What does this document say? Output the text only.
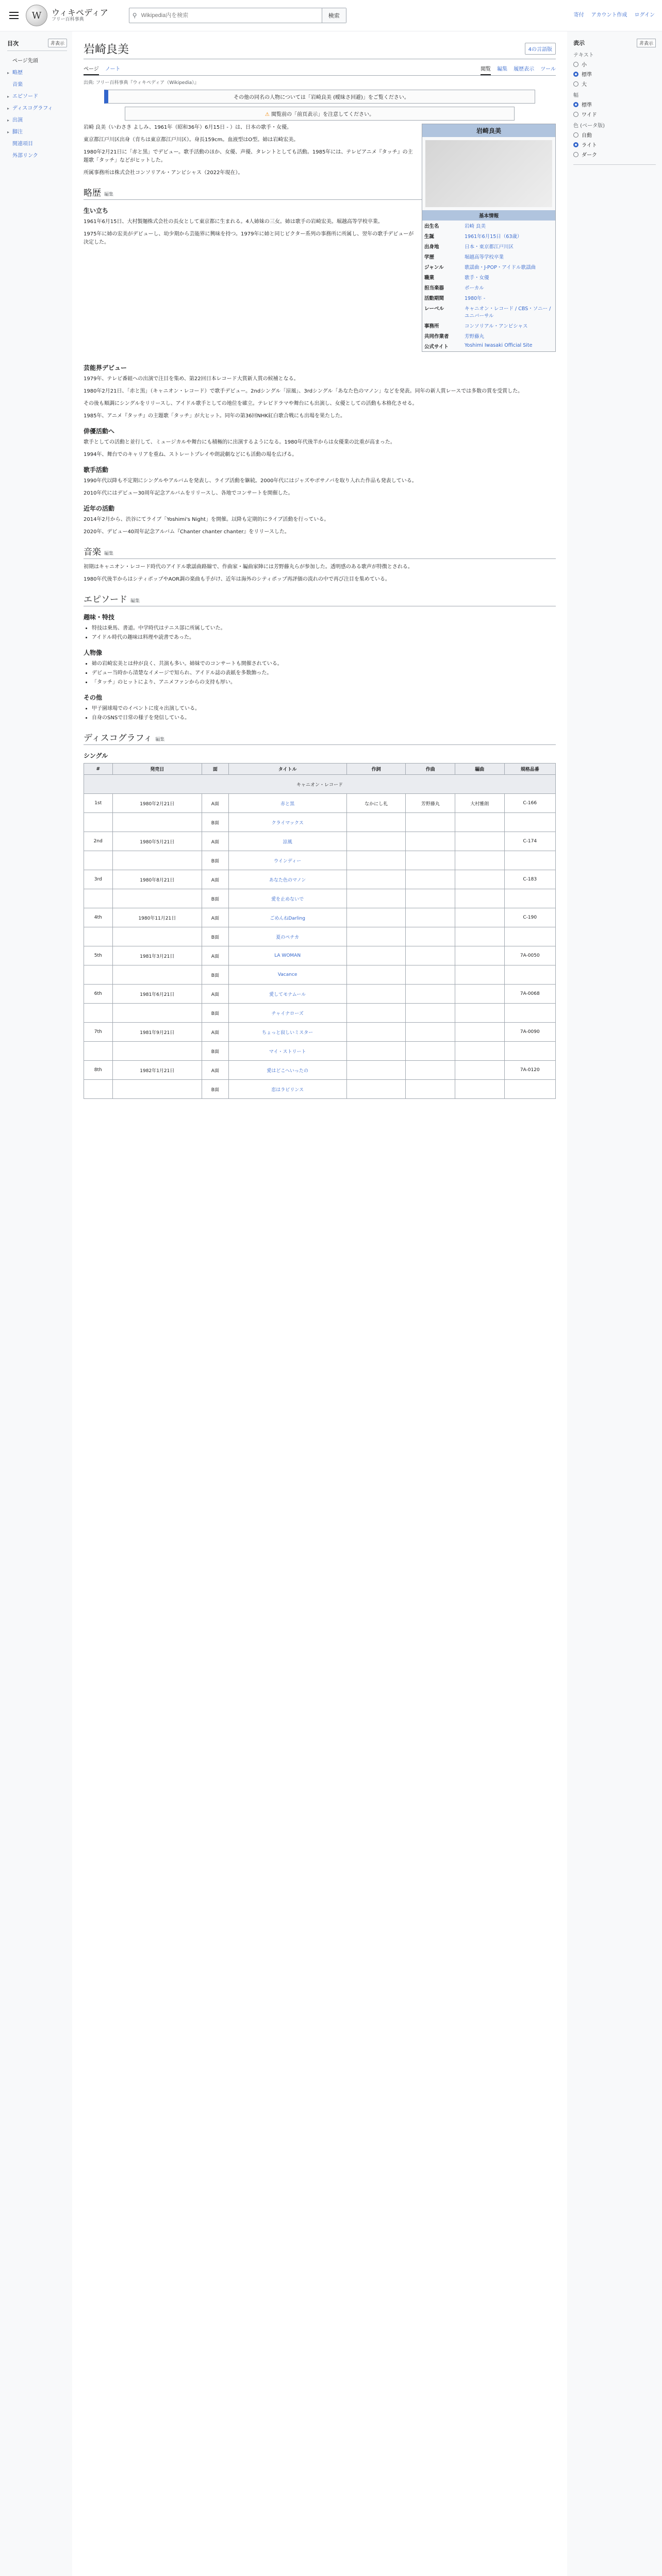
W	ウィキペディア
フリー百科事典
⚲
Wikipedia内を検索	検索	寄付 アカウント作成 ログイン
目次	非表示
ページ先頭
▸ 略歴
音楽
▸ エピソード
▸ ディスコグラフィ
▸ 出演
▸ 脚注
関連項目
外部リンク
岩崎良美	4の言語版
ページ ノート	閲覧 編集 履歴表示 ツール
出典: フリー百科事典『ウィキペディア（Wikipedia）』
その他の同名の人物については「岩崎良美 (曖昧さ回避)」をご覧ください。
⚠ 閲覧前の「前頁表示」を注意してください。
岩崎良美
基本情報
出生名		岩崎 良美

生誕		1961年6月15日（63歳）

出身地		日本・東京都江戸川区

学歴		堀越高等学校卒業

ジャンル		歌謡曲・J-POP・アイドル歌謡曲

職業		歌手・女優

担当楽器		ボーカル

活動期間		1980年 -

レーベル		キャニオン・レコード / CBS・ソニー / ユニバーサル

事務所		コンソリアル・アンビシャス

共同作業者		芳野藤丸

公式サイト		Yoshimi Iwasaki Official Site

岩崎 良美（いわさき よしみ、1961年（昭和36年）6月15日 - ）は、日本の歌手・女優。

東京都江戸川区出身（育ちは東京都江戸川区）。身長159cm。血液型はO型。姉は岩崎宏美。

1980年2月21日に「赤と黒」でデビュー。歌手活動のほか、女優、声優、タレントとしても活動。1985年には、テレビアニメ『タッチ』の主題歌「タッチ」などがヒットした。

所属事務所は株式会社コンソリアル・アンビシャス（2022年現在）。

略歴 編集
生い立ち

1961年6月15日、大村製麺株式会社の長女として東京都に生まれる。4人姉妹の三女。姉は歌手の岩崎宏美。堀越高等学校卒業。

1975年に姉の宏美がデビューし、幼少期から芸能界に興味を持つ。1979年に姉と同じビクター系列の事務所に所属し、翌年の歌手デビューが決定した。

芸能界デビュー

1979年、テレビ番組への出演で注目を集め、第22回日本レコード大賞新人賞の候補となる。

1980年2月21日、「赤と黒」（キャニオン・レコード）で歌手デビュー。2ndシングル「涼風」、3rdシングル「あなた色のマノン」などを発表。同年の新人賞レースでは多数の賞を受賞した。

その後も順調にシングルをリリースし、アイドル歌手としての地位を確立。テレビドラマや舞台にも出演し、女優としての活動も本格化させる。

1985年、アニメ『タッチ』の主題歌「タッチ」が大ヒット。同年の第36回NHK紅白歌合戦にも出場を果たした。

俳優活動へ

歌手としての活動と並行して、ミュージカルや舞台にも積極的に出演するようになる。1980年代後半からは女優業の比重が高まった。

1994年、舞台でのキャリアを重ね、ストレートプレイや朗読劇などにも活動の場を広げる。

歌手活動

1990年代以降も不定期にシングルやアルバムを発表し、ライブ活動を継続。2000年代にはジャズやボサノバを取り入れた作品も発表している。

2010年代にはデビュー30周年記念アルバムをリリースし、各地でコンサートを開催した。

近年の活動

2014年2月から、渋谷にてライブ「Yoshimi's Night」を開催。以降も定期的にライブ活動を行っている。

2020年、デビュー40周年記念アルバム『Chanter chanter chanter』をリリースした。

音楽 編集

初期はキャニオン・レコード時代のアイドル歌謡曲路線で、作曲家・編曲家陣には芳野藤丸らが参加した。透明感のある歌声が特徴とされる。

1980年代後半からはシティポップやAOR調の楽曲も手がけ、近年は海外のシティポップ再評価の流れの中で再び注目を集めている。

エピソード 編集
趣味・特技
• 特技は乗馬、書道。中学時代はテニス部に所属していた。
• アイドル時代の趣味は料理や読書であった。
人物像
• 姉の岩崎宏美とは仲が良く、共演も多い。姉妹でのコンサートも開催されている。
• デビュー当時から清楚なイメージで知られ、アイドル誌の表紙を多数飾った。
• 「タッチ」のヒットにより、アニメファンからの支持も厚い。
その他
• 甲子園球場でのイベントに度々出演している。
• 自身のSNSで日常の様子を発信している。
ディスコグラフィ 編集
シングル
#	発売日	面	タイトル	作詞	作曲	編曲	規格品番
キャニオン・レコード							
1st	1980年2月21日	A面	赤と黒	なかにし礼	芳野藤丸	大村雅朗	C-166
		B面	クライマックス				
2nd	1980年5月21日	A面	涼風				C-174
		B面	ウインディー				
3rd	1980年8月21日	A面	あなた色のマノン				C-183
		B面	愛を止めないで				
4th	1980年11月21日	A面	ごめんねDarling				C-190
		B面	夏のペチカ				
5th	1981年3月21日	A面	LA WOMAN				7A-0050
		B面	Vacance				
6th	1981年6月21日	A面	愛してモナムール				7A-0068
		B面	チャイナローズ				
7th	1981年9月21日	A面	ちょっと寂しいミスター				7A-0090
		B面	マイ・ストリート				
8th	1982年1月21日	A面	愛はどこへいったの				7A-0120
		B面	恋はラビリンス				
表示	非表示
テキスト
小
標準
大
幅
標準
ワイド
色 (ベータ版)
自動
ライト
ダーク
